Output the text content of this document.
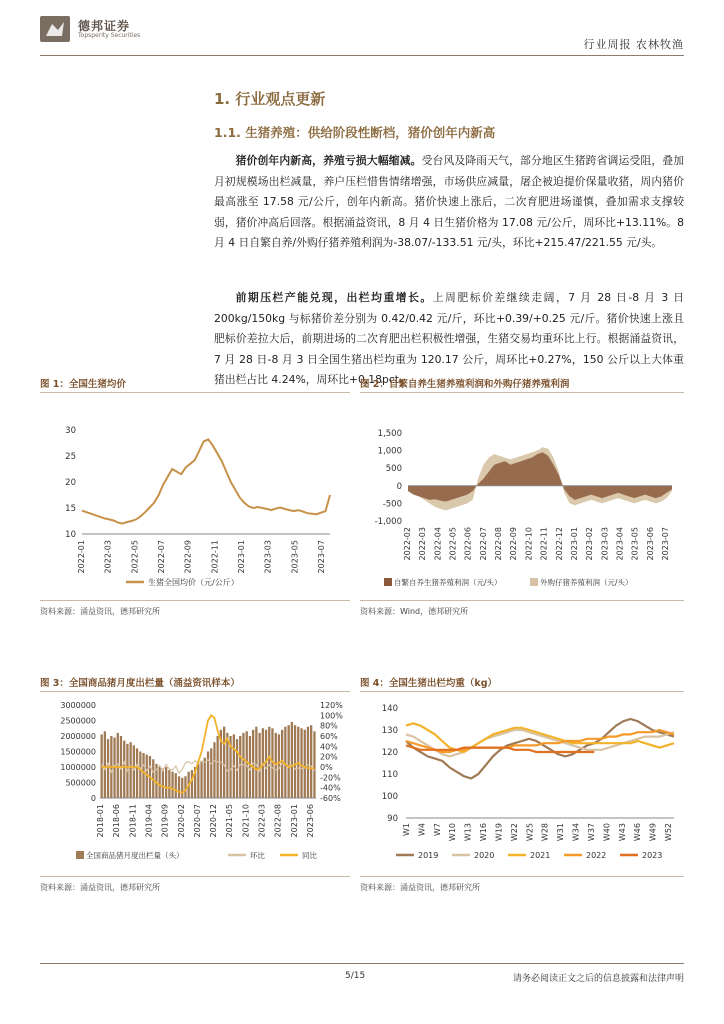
德邦证券
Topsperity Securities
行业周报 农林牧渔
1. 行业观点更新
1.1. 生猪养殖：供给阶段性断档，猪价创年内新高
猪价创年内新高，养殖亏损大幅缩减。受台风及降雨天气，部分地区生猪跨省调运受阻，叠加月初规模场出栏减量，养户压栏惜售情绪增强，市场供应减量，屠企被迫提价保量收猪，周内猪价最高涨至 17.58 元/公斤，创年内新高。猪价快速上涨后，二次育肥进场谨慎，叠加需求支撑较弱，猪价冲高后回落。根据涌益资讯，8 月 4 日生猪价格为 17.08 元/公斤，周环比+13.11%。8 月 4 日自繁自养/外购仔猪养殖利润为-38.07/-133.51 元/头，环比+215.47/221.55 元/头。
前期压栏产能兑现，出栏均重增长。上周肥标价差继续走阔，7 月 28 日-8 月 3 日 200kg/150kg 与标猪价差分别为 0.42/0.42 元/斤，环比+0.39/+0.25 元/斤。猪价快速上涨且肥标价差拉大后，前期进场的二次育肥出栏积极性增强，生猪交易均重环比上行。根据涌益资讯，7 月 28 日-8 月 3 日全国生猪出栏均重为 120.17 公斤，周环比+0.27%，150 公斤以上大体重猪出栏占比 4.24%，周环比+0.18pct。
图 1：全国生猪均价
10
15
20
25
30
2022-01 2022-03 2022-05 2022-07 2022-09 2022-11 2023-01 2023-03 2023-05 2023-07
生猪全国均价（元/公斤）
资料来源：涌益资讯，德邦研究所
图 2：自繁自养生猪养殖利润和外购仔猪养殖利润
1,500
1,000
500
0
-500
-1,000
2022-02 2022-03 2022-04 2022-05 2022-06 2022-07 2022-08 2022-09 2022-10 2022-11 2022-12 2023-01 2023-02 2023-03 2023-04 2023-05 2023-06 2023-07
自繁自养生猪养殖利润（元/头）	外购仔猪养殖利润（元/头）
资料来源：Wind，德邦研究所
图 3：全国商品猪月度出栏量（涌益资讯样本）
3000000
2500000
2000000
1500000
1000000
500000
0
120%
100%
80%
60%
40%
20%
0%
-20%
-40%
-60%
2018-01 2018-06 2018-11 2019-04 2019-09 2020-02 2020-07 2020-12 2021-05 2021-10 2022-03 2022-08 2023-01 2023-06
全国商品猪月度出栏量（头）	环比	同比
资料来源：涌益资讯，德邦研究所
图 4：全国生猪出栏均重（kg）
140
130
120
110
100
90
W1 W4 W7 W10 W13 W16 W19 W22 W25 W28 W31 W34 W37 W40 W43 W46 W49 W52
2019	2020	2021	2022	2023
资料来源：涌益资讯，德邦研究所
5/15	请务必阅读正文之后的信息披露和法律声明
